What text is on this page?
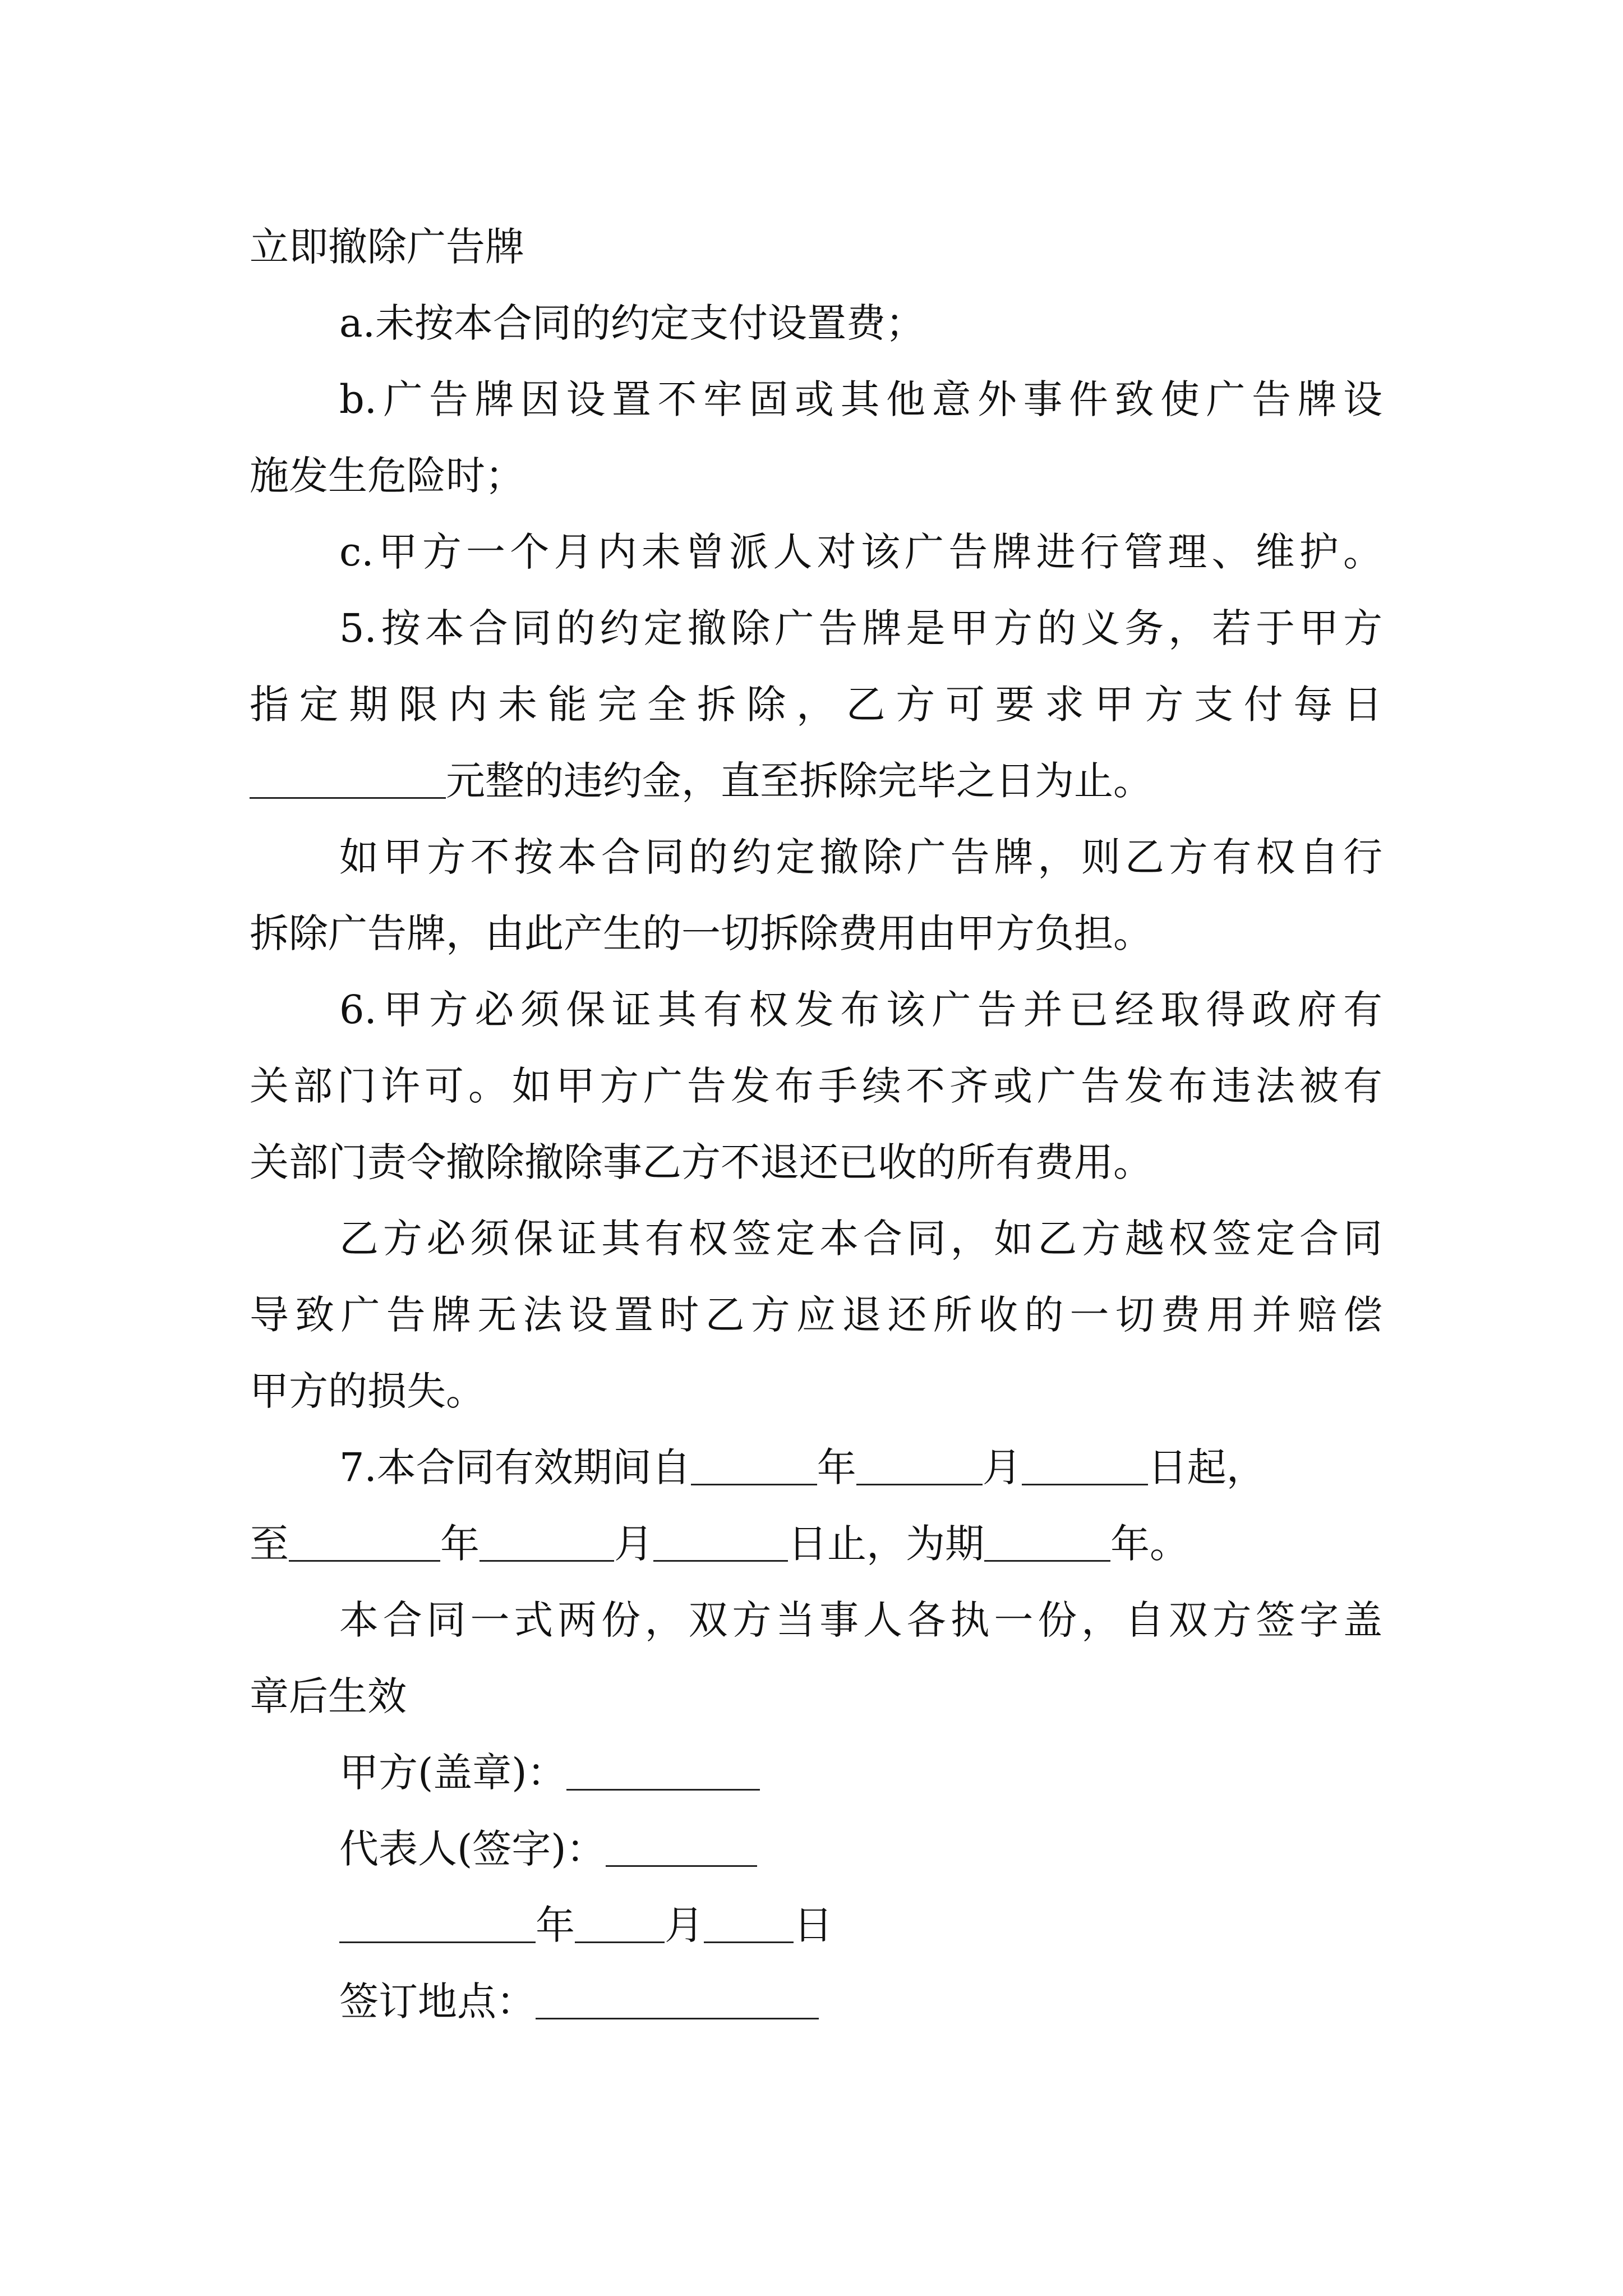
立即撤除广告牌
a.未按本合同的约定支付设置费；
b.广告牌因设置不牢固或其他意外事件致使广告牌设
施发生危险时；
c.甲方一个月内未曾派人对该广告牌进行管理、维护。
5.按本合同的约定撤除广告牌是甲方的义务，若于甲方
指定期限内未能完全拆除，乙方可要求甲方支付每日
元整的违约金，直至拆除完毕之日为止。
如甲方不按本合同的约定撤除广告牌，则乙方有权自行
拆除广告牌，由此产生的一切拆除费用由甲方负担。
6.甲方必须保证其有权发布该广告并已经取得政府有
关部门许可。如甲方广告发布手续不齐或广告发布违法被有
关部门责令撤除撤除事乙方不退还已收的所有费用。
乙方必须保证其有权签定本合同，如乙方越权签定合同
导致广告牌无法设置时乙方应退还所收的一切费用并赔偿
甲方的损失。
7.本合同有效期间自	年	月	日起，
至	年	月	日止，为期	年。
本合同一式两份，双方当事人各执一份，自双方签字盖
章后生效
甲方(盖章)：
代表人(签字)：
年 月 日
签订地点：
